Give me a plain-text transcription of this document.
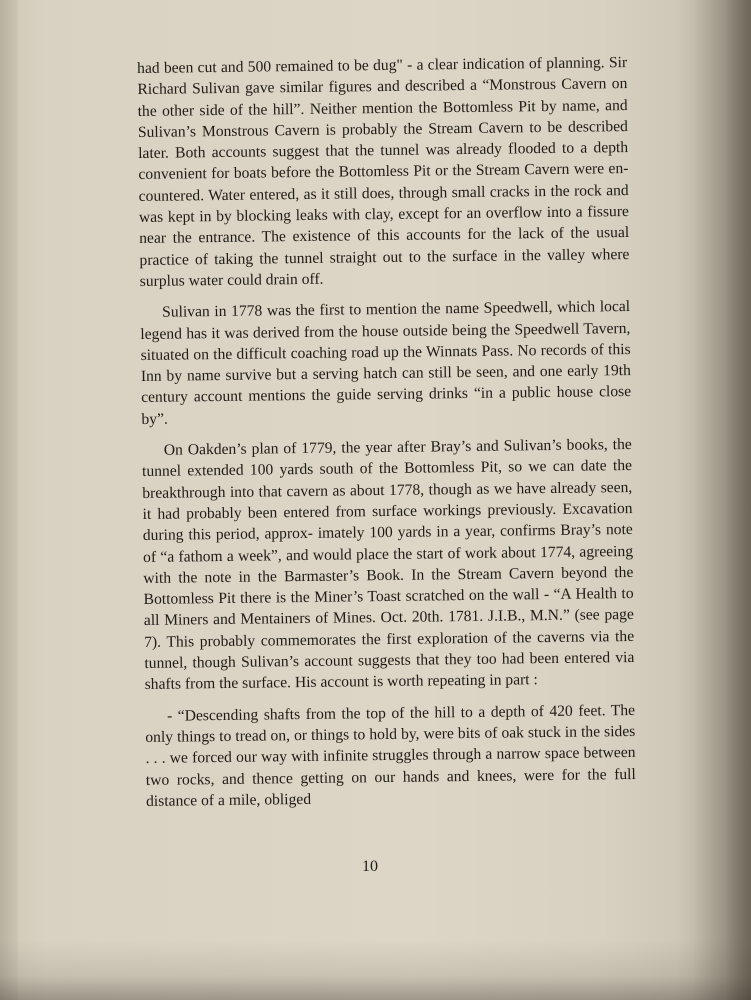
had been cut and 500 remained to be dug" - a clear indication of planning. Sir Richard Sulivan gave similar figures and described a “Monstrous Cavern on the other side of the hill”. Neither mention the Bottomless Pit by name, and Sulivan’s Monstrous Cavern is probably the Stream Cavern to be described later. Both accounts suggest that the tunnel was already flooded to a depth convenient for boats before the Bottomless Pit or the Stream Cavern were en- countered. Water entered, as it still does, through small cracks in the rock and was kept in by blocking leaks with clay, except for an overflow into a fissure near the entrance. The existence of this accounts for the lack of the usual practice of taking the tunnel straight out to the surface in the valley where surplus water could drain off.

Sulivan in 1778 was the first to mention the name Speedwell, which local legend has it was derived from the house outside being the Speedwell Tavern, situated on the difficult coaching road up the Winnats Pass. No records of this Inn by name survive but a serving hatch can still be seen, and one early 19th century account mentions the guide serving drinks “in a public house close by”.

On Oakden’s plan of 1779, the year after Bray’s and Sulivan’s books, the tunnel extended 100 yards south of the Bottomless Pit, so we can date the breakthrough into that cavern as about 1778, though as we have already seen, it had probably been entered from surface workings previously. Excavation during this period, approx- imately 100 yards in a year, confirms Bray’s note of “a fathom a week”, and would place the start of work about 1774, agreeing with the note in the Barmaster’s Book. In the Stream Cavern beyond the Bottomless Pit there is the Miner’s Toast scratched on the wall - “A Health to all Miners and Mentainers of Mines. Oct. 20th. 1781. J.I.B., M.N.” (see page 7). This probably commemorates the first exploration of the caverns via the tunnel, though Sulivan’s account suggests that they too had been entered via shafts from the surface. His account is worth repeating in part :

- “Descending shafts from the top of the hill to a depth of 420 feet. The only things to tread on, or things to hold by, were bits of oak stuck in the sides . . . we forced our way with infinite struggles through a narrow space between two rocks, and thence getting on our hands and knees, were for the full distance of a mile, obliged

10
